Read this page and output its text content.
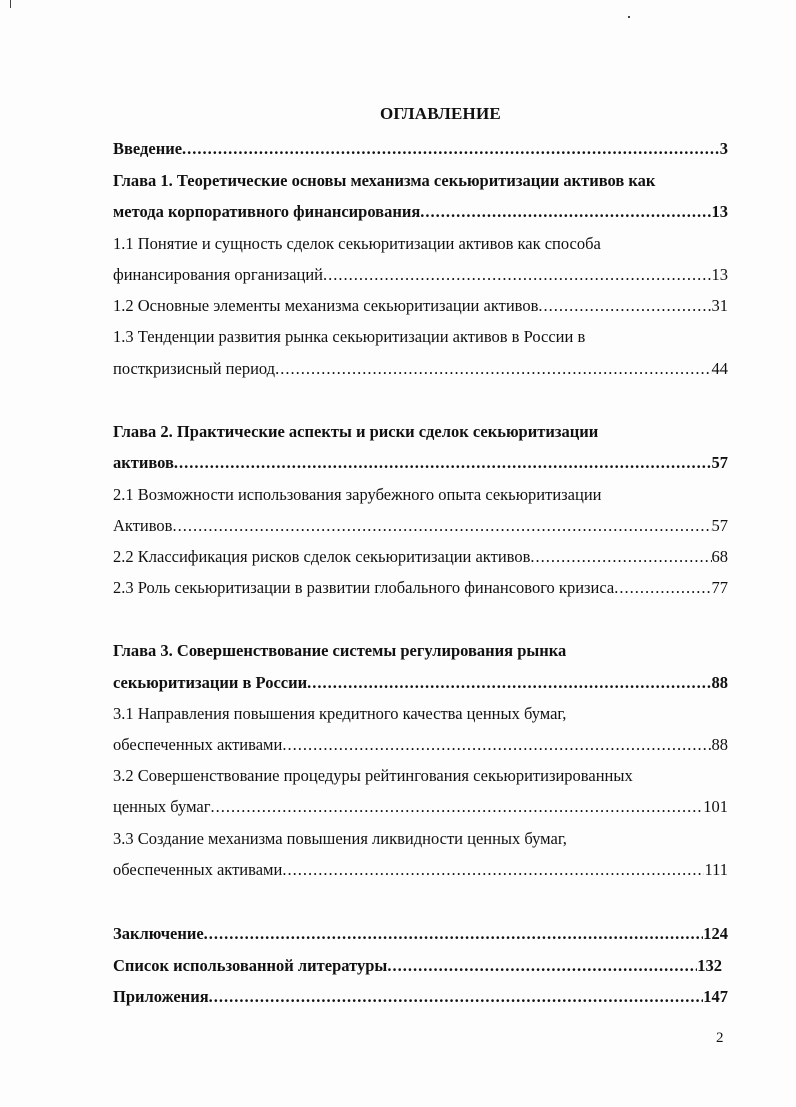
ОГЛАВЛЕНИЕ
Введение .....	3
Глава 1. Теоретические основы механизма секьюритизации активов как
метода корпоративного финансирования .....	13
1.1 Понятие и сущность сделок секьюритизации активов как способа
финансирования организаций .....	13
1.2 Основные элементы механизма секьюритизации активов .....	31
1.3 Тенденции развития рынка секьюритизации активов в России в
посткризисный период .....	44
Глава 2. Практические аспекты и риски сделок секьюритизации
активов .....	57
2.1 Возможности использования зарубежного опыта секьюритизации
Активов .....	57
2.2 Классификация рисков сделок секьюритизации активов .....	68
2.3 Роль секьюритизации в развитии глобального финансового кризиса .....	77
Глава 3. Совершенствование системы регулирования рынка
секьюритизации в России .....	88
3.1 Направления повышения кредитного качества ценных бумаг,
обеспеченных активами .....	88
3.2 Совершенствование процедуры рейтингования секьюритизированных
ценных бумаг .....	101
3.3 Создание механизма повышения ликвидности ценных бумаг,
обеспеченных активами .....	111
Заключение .....	124
Список использованной литературы .....	132
Приложения .....	147
2
